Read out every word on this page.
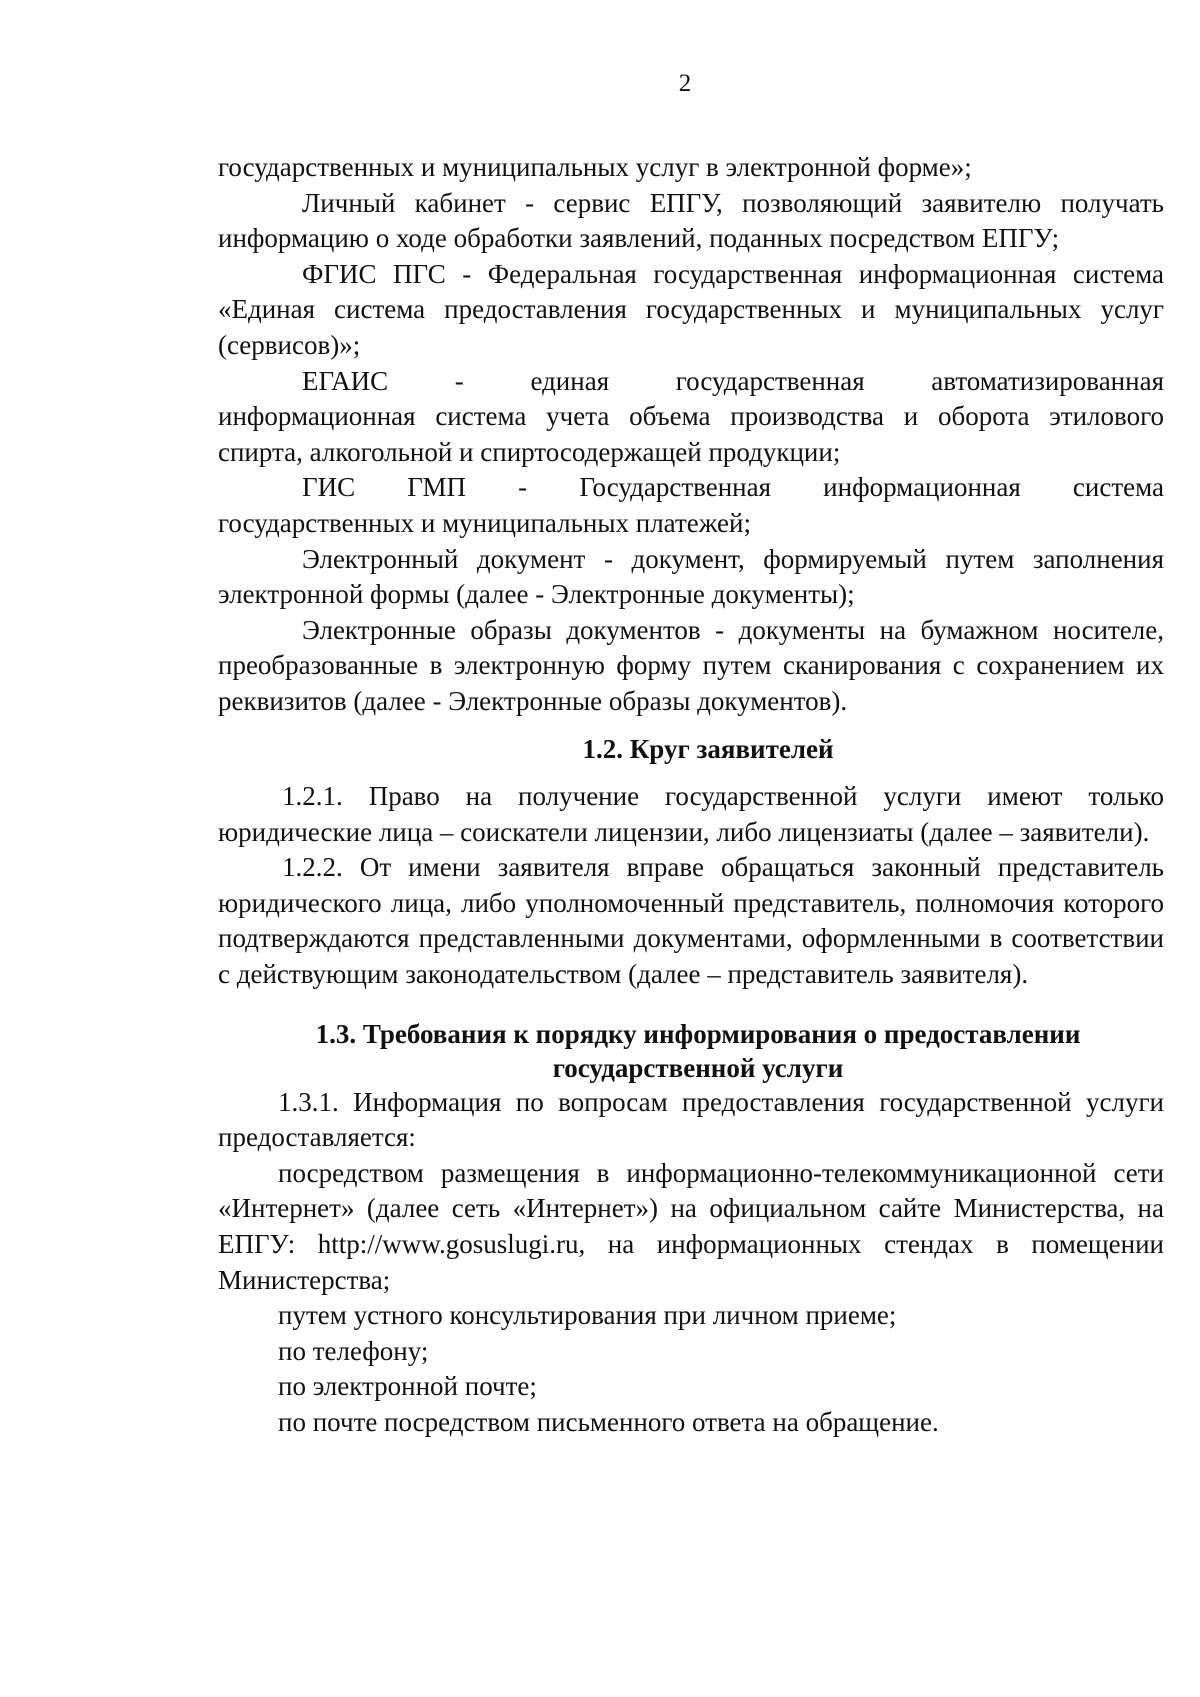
2

государственных и муниципальных услуг в электронной форме»;

Личный кабинет - сервис ЕПГУ, позволяющий заявителю получать информацию о ходе обработки заявлений, поданных посредством ЕПГУ;

ФГИС ПГС - Федеральная государственная информационная система «Единая система предоставления государственных и муниципальных услуг (сервисов)»;

ЕГАИС - единая государственная автоматизированная

информационная система учета объема производства и оборота этилового спирта, алкогольной и спиртосодержащей продукции;

ГИС ГМП - Государственная информационная система

государственных и муниципальных платежей;

Электронный документ - документ, формируемый путем заполнения электронной формы (далее - Электронные документы);

Электронные образы документов - документы на бумажном носителе, преобразованные в электронную форму путем сканирования с сохранением их реквизитов (далее - Электронные образы документов).

1.2. Круг заявителей

1.2.1. Право на получение государственной услуги имеют только юридические лица – соискатели лицензии, либо лицензиаты (далее – заявители).

1.2.2. От имени заявителя вправе обращаться законный представитель юридического лица, либо уполномоченный представитель, полномочия которого подтверждаются представленными документами, оформленными в соответствии с действующим законодательством (далее – представитель заявителя).

1.3. Требования к порядку информирования о предоставлении

государственной услуги

1.3.1. Информация по вопросам предоставления государственной услуги предоставляется:

посредством размещения в информационно-телекоммуникационной сети «Интернет» (далее сеть «Интернет») на официальном сайте Министерства, на ЕПГУ: http://www.gosuslugi.ru, на информационных стендах в помещении Министерства;

путем устного консультирования при личном приеме;

по телефону;

по электронной почте;

по почте посредством письменного ответа на обращение.
